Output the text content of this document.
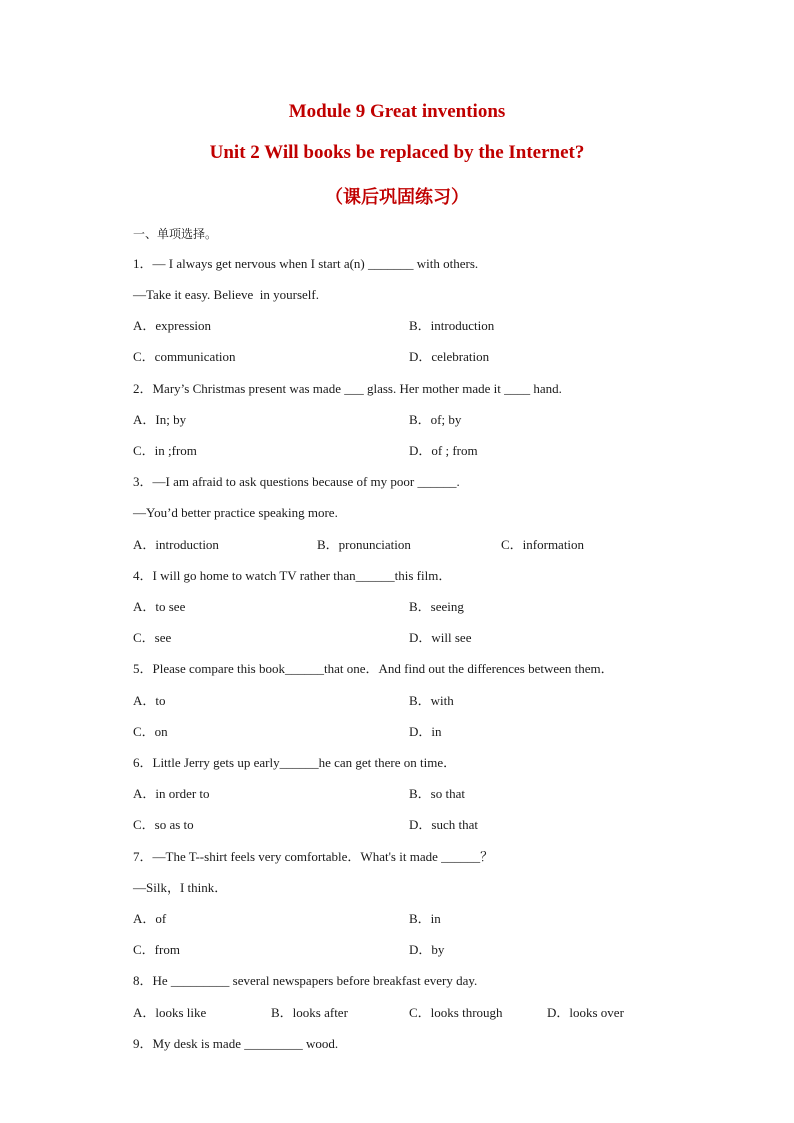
Module 9 Great inventions
Unit 2 Will books be replaced by the Internet?
（课后巩固练习）
一、单项选择。
1．— I always get nervous when I start a(n) _______ with others.
—Take it easy. Believe  in yourself.
A．expression	B．introduction
C．communication	D．celebration
2．Mary’s Christmas present was made ___ glass. Her mother made it ____ hand.
A．In; by	B．of; by
C．in ;from	D．of ; from
3．—I am afraid to ask questions because of my poor ______.
—You’d better practice speaking more.
A．introduction	B．pronunciation	C．information
4．I will go home to watch TV rather than______this film．
A．to see	B．seeing
C．see	D．will see
5．Please compare this book______that one．And find out the differences between them．
A．to	B．with
C．on	D．in
6．Little Jerry gets up early______he can get there on time．
A．in order to	B．so that
C．so as to	D．such that
7．—The T--shirt feels very comfortable．What's it made ______？
—Silk，I think．
A．of	B．in
C．from	D．by
8．He _________ several newspapers before breakfast every day.
A．looks like	B．looks after	C．looks through	D．looks over
9．My desk is made _________ wood.
